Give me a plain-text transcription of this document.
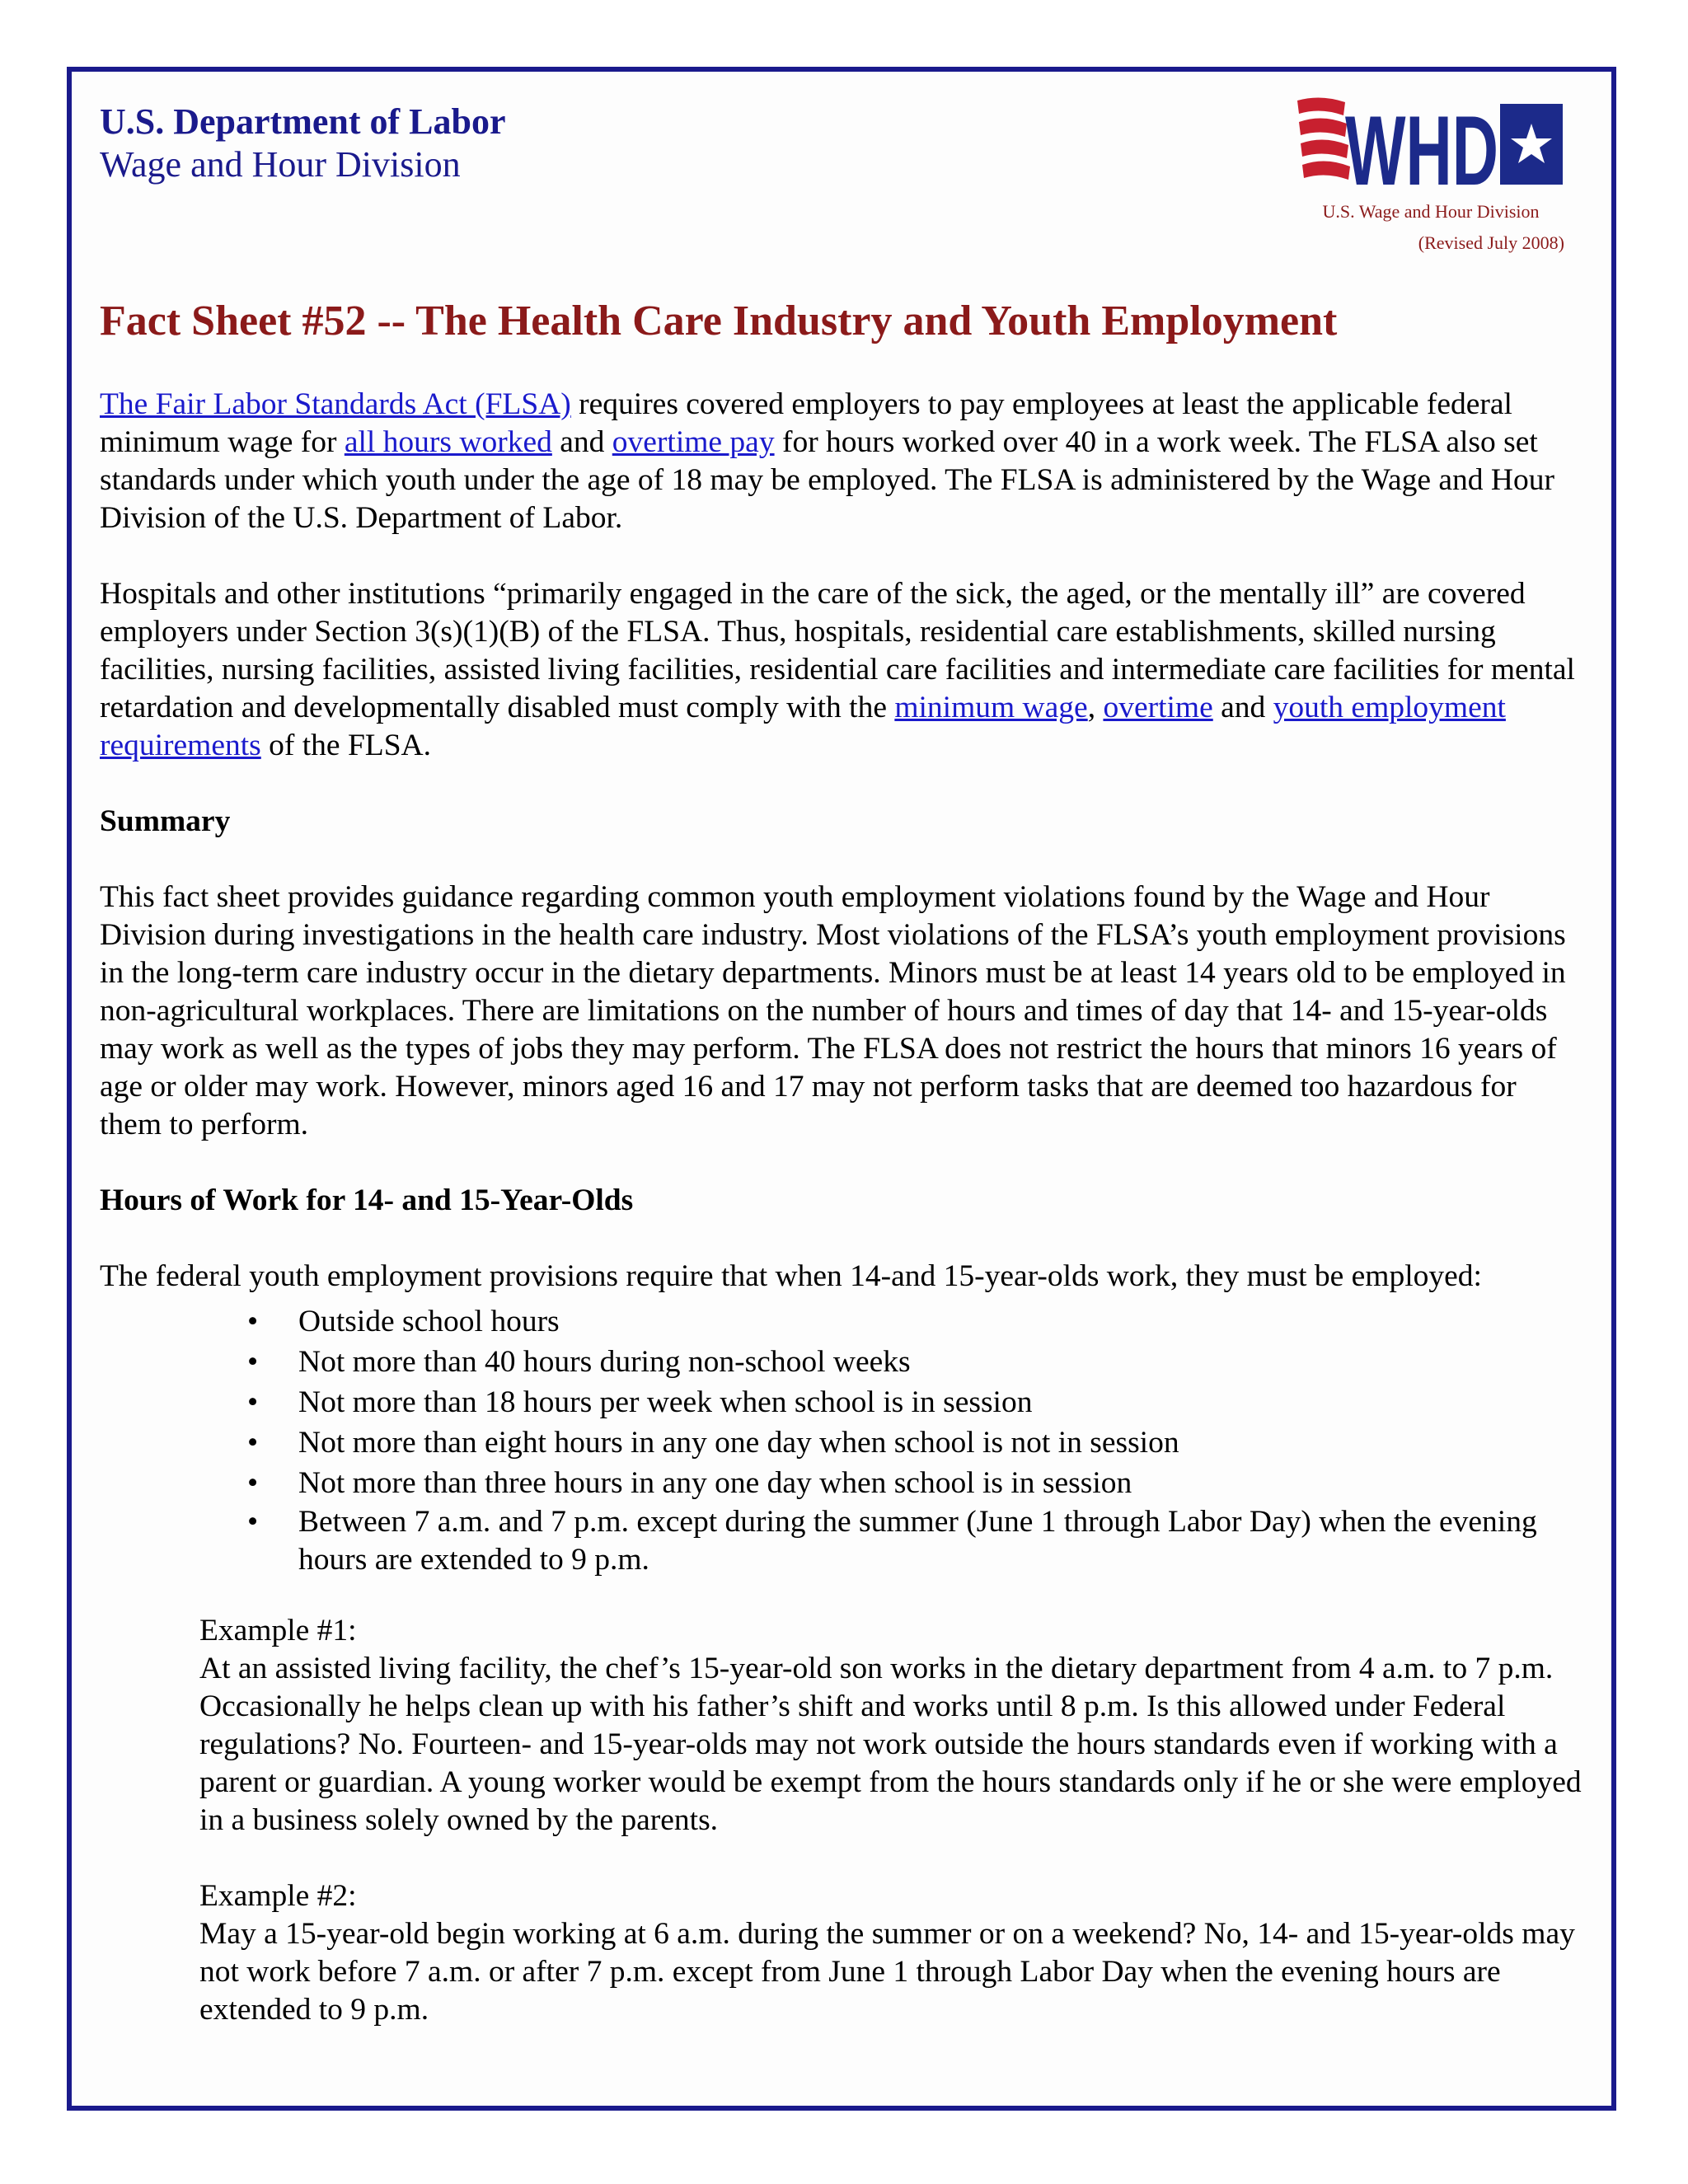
U.S. Department of Labor
Wage and Hour Division	WHD
U.S. Wage and Hour Division
(Revised July 2008)
Fact Sheet #52 -- The Health Care Industry and Youth Employment

The Fair Labor Standards Act (FLSA) requires covered employers to pay employees at least the applicable federal minimum wage for all hours worked and overtime pay for hours worked over 40 in a work week. The FLSA also set standards under which youth under the age of 18 may be employed. The FLSA is administered by the Wage and Hour Division of the U.S. Department of Labor.

Hospitals and other institutions “primarily engaged in the care of the sick, the aged, or the mentally ill” are covered employers under Section 3(s)(1)(B) of the FLSA. Thus, hospitals, residential care establishments, skilled nursing facilities, nursing facilities, assisted living facilities, residential care facilities and intermediate care facilities for mental retardation and developmentally disabled must comply with the minimum wage, overtime and youth employment requirements of the FLSA.

Summary

This fact sheet provides guidance regarding common youth employment violations found by the Wage and Hour Division during investigations in the health care industry. Most violations of the FLSA’s youth employment provisions in the long-term care industry occur in the dietary departments. Minors must be at least 14 years old to be employed in non-agricultural workplaces. There are limitations on the number of hours and times of day that 14- and 15-year-olds may work as well as the types of jobs they may perform. The FLSA does not restrict the hours that minors 16 years of age or older may work. However, minors aged 16 and 17 may not perform tasks that are deemed too hazardous for them to perform.

Hours of Work for 14- and 15-Year-Olds

The federal youth employment provisions require that when 14-and 15-year-olds work, they must be employed:

• Outside school hours
• Not more than 40 hours during non-school weeks
• Not more than 18 hours per week when school is in session
• Not more than eight hours in any one day when school is not in session
• Not more than three hours in any one day when school is in session
• Between 7 a.m. and 7 p.m. except during the summer (June 1 through Labor Day) when the evening hours are extended to 9 p.m.
Example #1:
At an assisted living facility, the chef’s 15-year-old son works in the dietary department from 4 a.m. to 7 p.m. Occasionally he helps clean up with his father’s shift and works until 8 p.m. Is this allowed under Federal regulations? No. Fourteen- and 15-year-olds may not work outside the hours standards even if working with a parent or guardian. A young worker would be exempt from the hours standards only if he or she were employed in a business solely owned by the parents.
Example #2:
May a 15-year-old begin working at 6 a.m. during the summer or on a weekend? No, 14- and 15-year-olds may not work before 7 a.m. or after 7 p.m. except from June 1 through Labor Day when the evening hours are extended to 9 p.m.
